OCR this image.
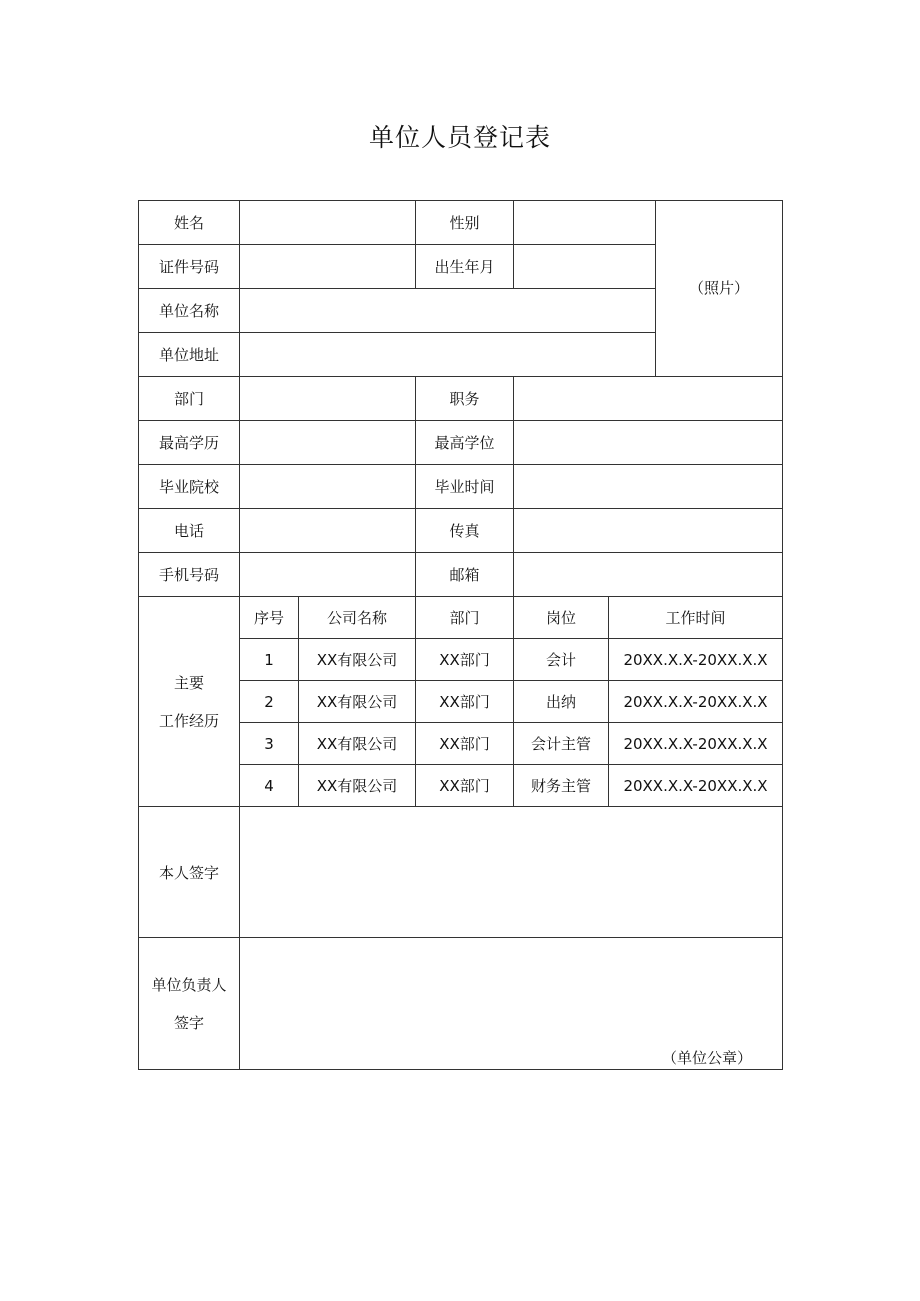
单位人员登记表
姓名			性别			（照片）
证件号码			出生年月			
单位名称						
单位地址						
部门			职务			
最高学历			最高学位			
毕业院校			毕业时间			
电话			传真			
手机号码			邮箱			

主要
工作经历	序号	公司名称	部门	岗位	工作时间	
	1	XX有限公司	XX部门	会计	20XX.X.X-20XX.X.X	
	2	XX有限公司	XX部门	出纳	20XX.X.X-20XX.X.X	
	3	XX有限公司	XX部门	会计主管	20XX.X.X-20XX.X.X	
	4	XX有限公司	XX部门	财务主管	20XX.X.X-20XX.X.X	
本人签字						

单位负责人
签字	（单位公章）					
